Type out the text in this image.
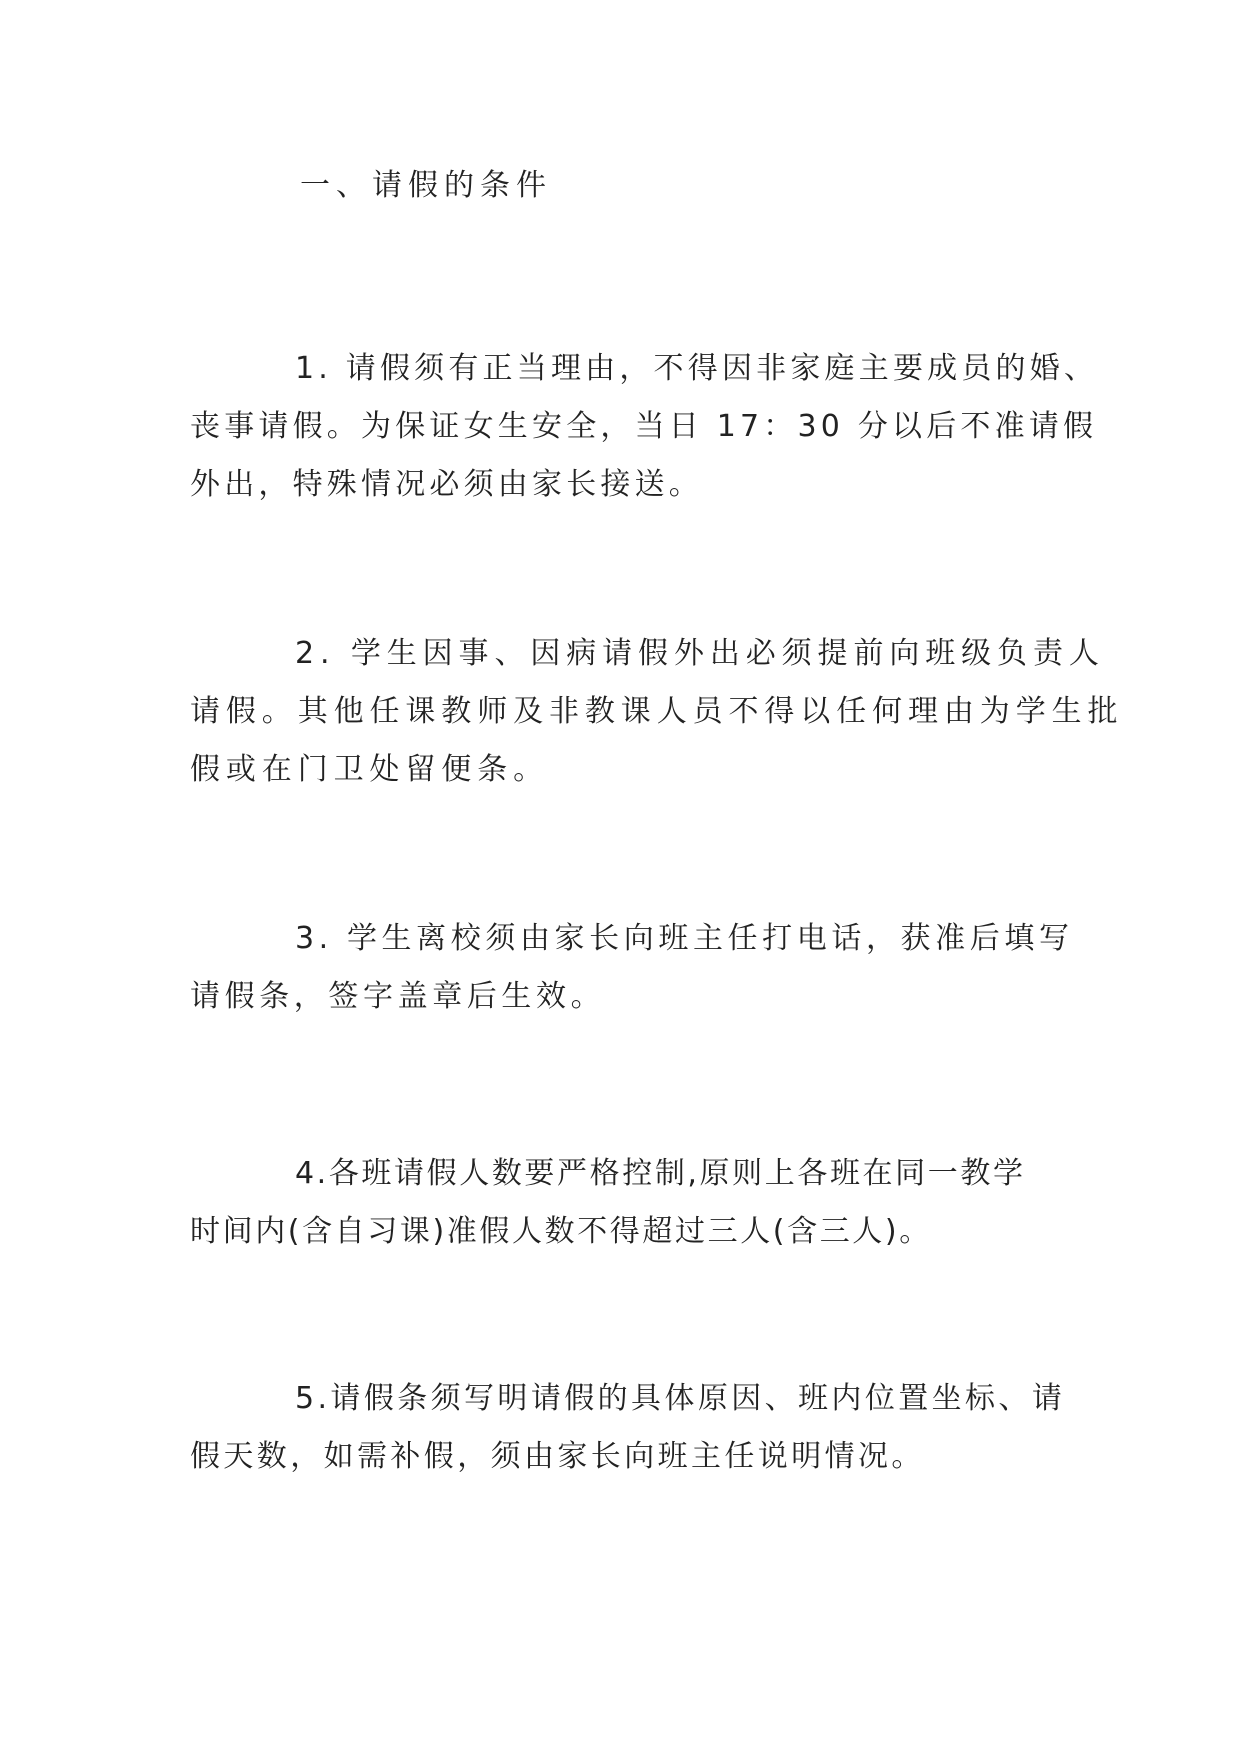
一、请假的条件

1. 请假须有正当理由，不得因非家庭主要成员的婚、
丧事请假。为保证女生安全，当日 17：30 分以后不准请假
外出，特殊情况必须由家长接送。

2. 学生因事、因病请假外出必须提前向班级负责人
请假。其他任课教师及非教课人员不得以任何理由为学生批
假或在门卫处留便条。

3. 学生离校须由家长向班主任打电话，获准后填写
请假条，签字盖章后生效。

4.各班请假人数要严格控制,原则上各班在同一教学
时间内(含自习课)准假人数不得超过三人(含三人)。

5.请假条须写明请假的具体原因、班内位置坐标、请
假天数，如需补假，须由家长向班主任说明情况。
